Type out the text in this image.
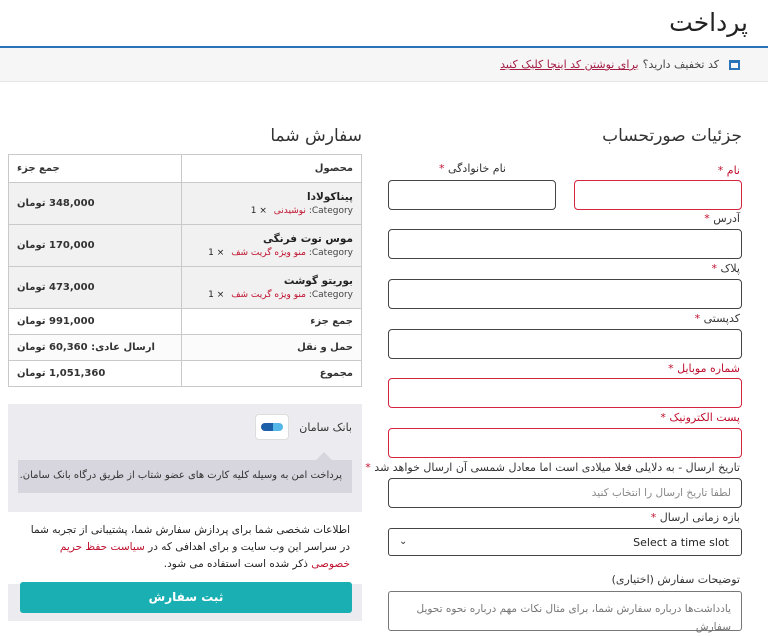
پرداخت
کد تخفیف دارید؟
برای نوشتن کد اینجا کلیک کنید
جزئیات صورتحساب
سفارش شما
نام *
نام خانوادگی *
آدرس *
پلاک *
کدپستی *
شماره موبایل *
پست الکترونیک *
تاریخ ارسال - به دلایلی فعلا میلادی است اما معادل شمسی آن ارسال خواهد شد *
لطفا تاریخ ارسال را انتخاب کنید
بازه زمانی ارسال *
Select a time slot
⌄
توضیحات سفارش (اختیاری)
یادداشت‌ها درباره سفارش شما، برای مثال نکات مهم درباره نحوه تحویل سفارش
محصول	جمع جزء

پیناکولادا
Category: نوشیدنی × 1	348,000 تومان

موس توت فرنگی
Category: منو ویژه گریت شف × 1	170,000 تومان

بوریتو گوشت
Category: منو ویژه گریت شف × 1	473,000 تومان
جمع جزء	991,000 تومان
حمل و نقل	ارسال عادی: 60,360 تومان
مجموع	1,051,360 تومان
بانک سامان
پرداخت امن به وسیله کلیه کارت های عضو شتاب از طریق درگاه بانک سامان.
اطلاعات شخصی شما برای پردازش سفارش شما، پشتیبانی از تجربه شما در سراسر این وب سایت و برای اهدافی که در سیاست حفظ حریم خصوصی ذکر شده است استفاده می شود.
ثبت سفارش
